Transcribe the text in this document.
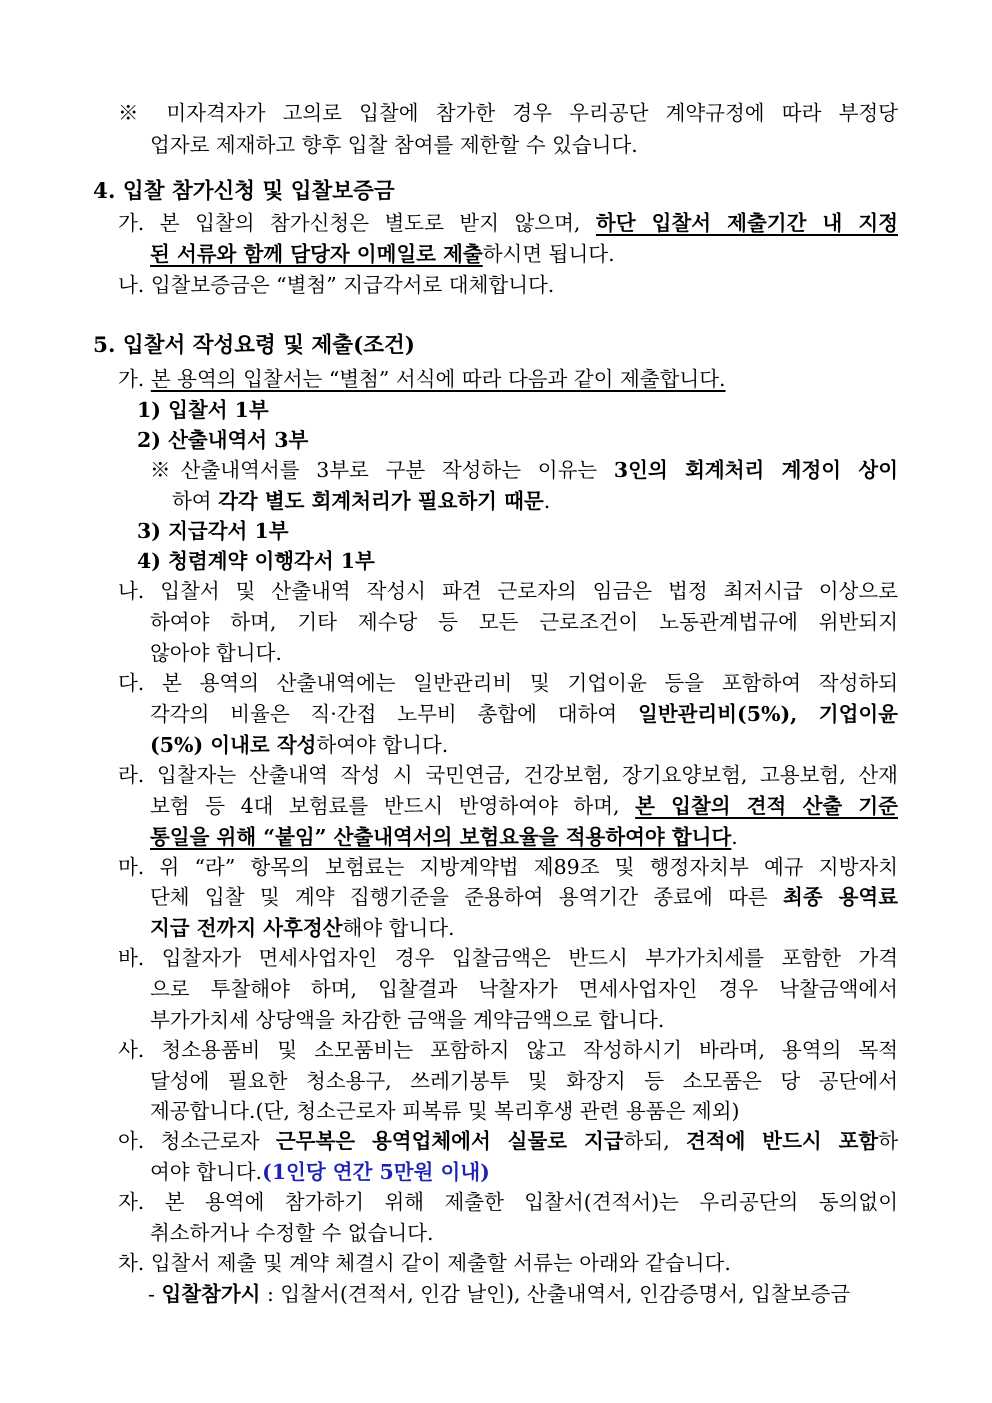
※ 미자격자가 고의로 입찰에 참가한 경우 우리공단 계약규정에 따라 부정당
업자로 제재하고 향후 입찰 참여를 제한할 수 있습니다.
4. 입찰 참가신청 및 입찰보증금
가. 본 입찰의 참가신청은 별도로 받지 않으며, 하단 입찰서 제출기간 내 지정
된 서류와 함께 담당자 이메일로 제출하시면 됩니다.
나. 입찰보증금은 “별첨” 지급각서로 대체합니다.
5. 입찰서 작성요령 및 제출(조건)
가. 본 용역의 입찰서는 “별첨” 서식에 따라 다음과 같이 제출합니다.
1) 입찰서 1부
2) 산출내역서 3부
※산출내역서를 3부로 구분 작성하는 이유는 3인의 회계처리 계정이 상이
하여 각각 별도 회계처리가 필요하기 때문.
3) 지급각서 1부
4) 청렴계약 이행각서 1부
나. 입찰서 및 산출내역 작성시 파견 근로자의 임금은 법정 최저시급 이상으로
하여야 하며, 기타 제수당 등 모든 근로조건이 노동관계법규에 위반되지
않아야 합니다.
다. 본 용역의 산출내역에는 일반관리비 및 기업이윤 등을 포함하여 작성하되
각각의 비율은 직·간접 노무비 총합에 대하여 일반관리비(5%), 기업이윤
(5%) 이내로 작성하여야 합니다.
라. 입찰자는 산출내역 작성 시 국민연금, 건강보험, 장기요양보험, 고용보험, 산재
보험 등 4대 보험료를 반드시 반영하여야 하며, 본 입찰의 견적 산출 기준
통일을 위해 “붙임” 산출내역서의 보험요율을 적용하여야 합니다.
마. 위 “라” 항목의 보험료는 지방계약법 제89조 및 행정자치부 예규 지방자치
단체 입찰 및 계약 집행기준을 준용하여 용역기간 종료에 따른 최종 용역료
지급 전까지 사후정산해야 합니다.
바. 입찰자가 면세사업자인 경우 입찰금액은 반드시 부가가치세를 포함한 가격
으로 투찰해야 하며, 입찰결과 낙찰자가 면세사업자인 경우 낙찰금액에서
부가가치세 상당액을 차감한 금액을 계약금액으로 합니다.
사. 청소용품비 및 소모품비는 포함하지 않고 작성하시기 바라며, 용역의 목적
달성에 필요한 청소용구, 쓰레기봉투 및 화장지 등 소모품은 당 공단에서
제공합니다.(단, 청소근로자 피복류 및 복리후생 관련 용품은 제외)
아. 청소근로자 근무복은 용역업체에서 실물로 지급하되, 견적에 반드시 포함하
여야 합니다.(1인당 연간 5만원 이내)
자. 본 용역에 참가하기 위해 제출한 입찰서(견적서)는 우리공단의 동의없이
취소하거나 수정할 수 없습니다.
차. 입찰서 제출 및 계약 체결시 같이 제출할 서류는 아래와 같습니다.
- 입찰참가시 : 입찰서(견적서, 인감 날인), 산출내역서, 인감증명서, 입찰보증금
